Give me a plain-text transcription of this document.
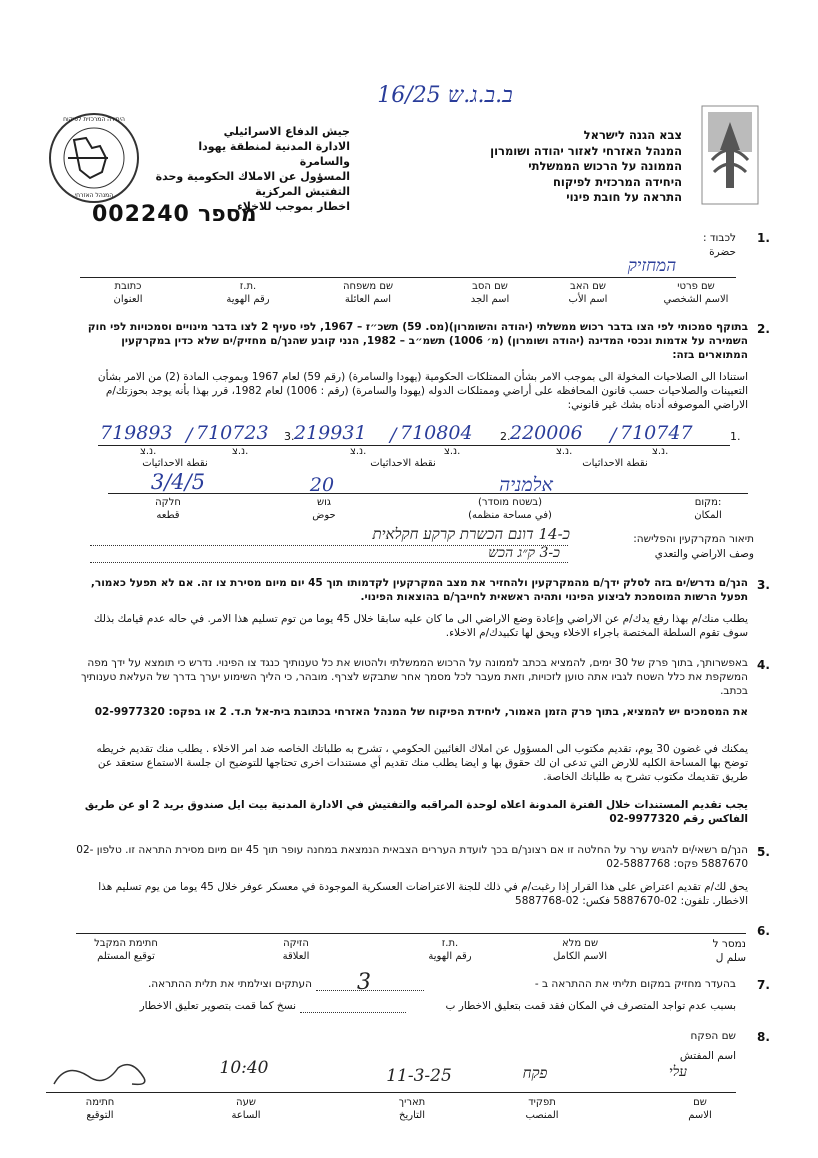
16/25 ב.ב.ג.ש
צבא הגנה לישראל
המנהל האזרחי לאזור יהודה ושומרון
הממונה על הרכוש הממשלתי
היחידה המרכזית לפיקוח
התראה על חובת פינוי
היחידה המרכזית לפיקוח
המנהל האזרחי
جيش الدفاع الاسرائيلي
الادارة المدنية لمنطقة يهودا والسامرة
المسؤول عن الاملاك الحكومية وحدة
التفتيش المركزية
اخطار بموجب للاخلاء
002240 מספר
1.
לכבוד :
حضرة
המחזיק
שם פרטי
الاسم الشخصي
שם האב
اسم الأب
שם הסב
اسم الجد
שם משפחה
اسم العائلة
ת.ז.
رقم الهوية
כתובת
العنوان
2.
בתוקף סמכותי לפי הצו בדבר רכוש ממשלתי (יהודה והשומרון)(מס. 59) תשכ״ז – 1967, לפי סעיף 2 לצו בדבר מינויים וסמכויות לפי חוק השמירה על אדמות ונכסי המדינה (יהודה ושומרון) (מ׳ 1006) תשמ״ב – 1982, הנני קובע שהנך/ם מחזיק/ים שלא כדין במקרקעין המתוארים בזה:
استنادا الى الصلاحيات المخولة الى بموجب الامر بشأن الممتلكات الحكومية (يهودا والسامرة) (رقم 59) لعام 1967 وبموجب المادة (2) من الامر بشأن التعيينات والصلاحيات حسب قانون المحافظه على أراضي وممتلكات الدوله (يهودا والسامرة) (رقم : 1006) لعام 1982، قرر بهذا بأنه يوجد بحوزتك/م الاراضي الموصوفه أدناه بشك غير قانوني:
1.
2.
3.	710747
/
220006
710804
/
219931
710723
/
719893
נ.צ.
נ.צ.
נ.צ.
נ.צ.
נ.צ.
נ.צ.
نقطة الاحداثيات
نقطة الاحداثيات
نقطة الاحداثيات
אלמניה
20
3/4/5
מקום:
المكان
(בשטח מוסדר)
(في مساحة منظمه)
גוש
حوض
חלקה
قطعه
תיאור המקרקעין והפלישה:
وصف الاراضي والتعدي
כ-14 דונם הכשרת קרקע חקלאית
כ-3 ק״ג הכש
3.
הנך/ם נדרש/ים בזה לסלק ידך/ם מהמקרקעין ולהחזיר את מצב המקרקעין לקדמותו תוך 45 יום מיום מסירת צו זה. אם לא תפעל כאמור, תפעל הרשות המוסמכת לביצוע הפינוי ותהיה ראשאית לחייבך/ם בהוצאות הפינוי.
يطلب منك/م بهذا رفع يدك/م عن الاراضي وإعادة وضع الاراضي الى ما كان عليه سابقا خلال 45 يوما من توم تسليم هذا الامر. في حاله عدم قيامك بذلك سوف تقوم السلطة المختصة باجراء الاخلاء ويحق لها تكبيدك/م الاخلاء.
4.
באפשרותך, בתוך פרק של 30 ימים, להמציא בכתב לממונה על הרכוש הממשלתי ולהטוש את כל טענותיך כנגד צו הפינוי. נדרש כי תומצא על ידך מפה המשקפת את כלל השטח לגביו אתה טוען לזכויות, וזאת מעבר לכל מסמך אחר שתבקש לצרף. מובהר, כי הליך השימוע יערך בדרך של העלאת טענותיך בכתב.
את המסמכים יש להמציא, בתוך פרק הזמן האמור, ליחידת הפיקוח של המנהל האזרחי בכתובת בית-אל ת.ד. 2 או בפקס: 02-9977320
يمكنك في غضون 30 يوم، تقديم مكتوب الى المسؤول عن املاك الغائبين الحكومي ، تشرح به طلباتك الخاصه ضد امر الاخلاء . يطلب منك تقديم خريطه توضح بها المساحة الكليه للارض التي تدعى ان لك حقوق بها و ايضا يطلب منك تقديم أي مستندات اخرى تحتاجها للتوضيح ان جلسة الاستماع ستعقد عن طريق تقديمك مكتوب تشرح به طلباتك الخاصة.
يجب تقديم المستندات خلال الفترة المدونة اعلاه لوحدة المراقبه والتفتيش في الادارة المدنية بيت ايل صندوق بريد 2 او عن طريق الفاكس رقم 9977320-02
5.
הנך/ם רשאי/ים להגיש ערר על החלטה זו אם רצונך/ם בכך לועדת העררים הצבאית הנמצאת במחנה עופר תוך 45 יום מיום מסירת התראה זו. טלפון 02-5887670 פקס: 02-5887768
يحق لك/م تقديم اعتراض على هذا القرار إذا رغبت/م في ذلك للجنة الاعتراضات العسكرية الموجودة في معسكر عوفر خلال 45 يوما من يوم تسليم هذا الاخطار. تلفون: 02-5887670 فكس: 02-5887768
6.
נמסר ל
سلم ل
שם מלא
الاسم الكامل
ת.ז.
رقم الهوية
הזיקה
العلاقة
חתימת המקבל
توقيع المستلم
7.
בהעדר מחזיק במקום תליתי את ההתראה ב -
3
העתקים וצילמתי את תלית ההתראה.
بسبب عدم تواجد المتصرف في المكان فقد قمت بتعليق الاخطار ب
نسخ كما قمت بتصوير تعليق الاخطار
8.
שם הפקח
اسم المفتش
עלי
פקח
11-3-25
10:40
שם
الاسم
תפקיד
المنصب
תאריך
التاريخ
שעה
الساعة
חתימה
التوقيع
